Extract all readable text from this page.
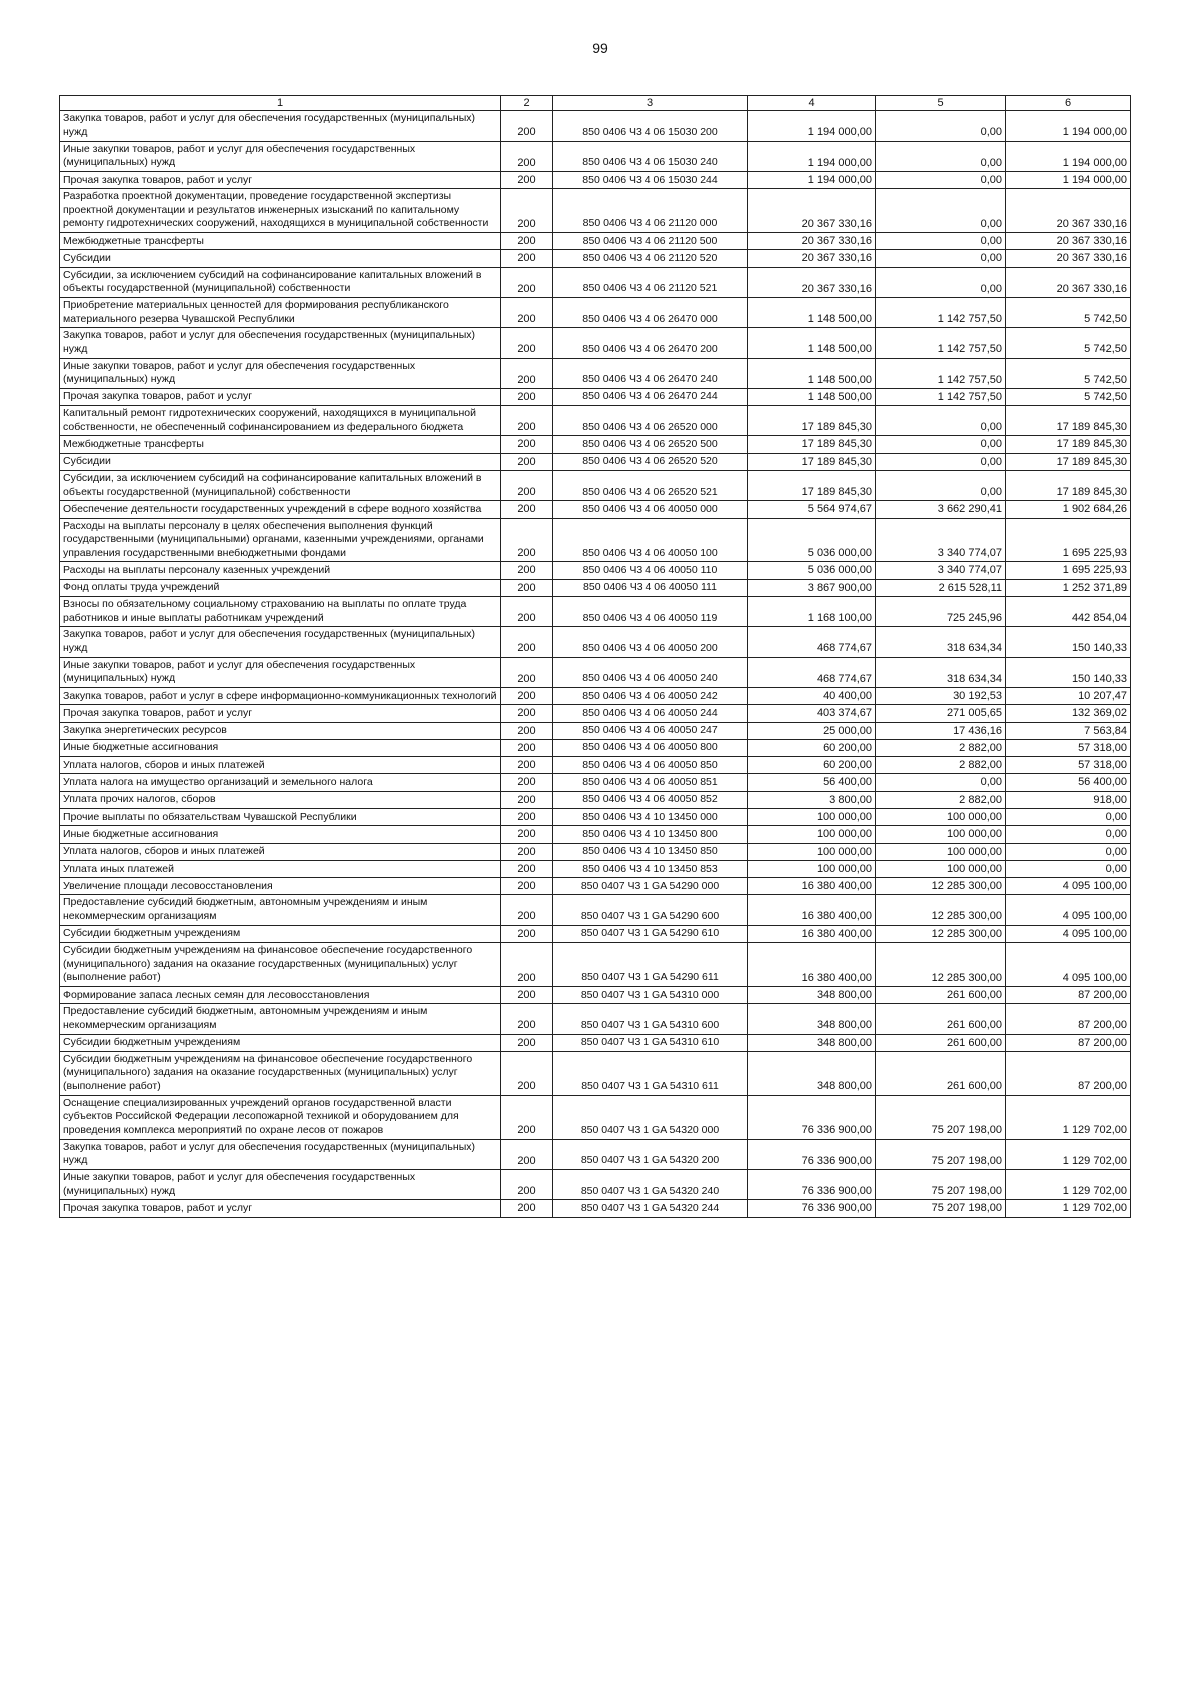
99
1	2	3	4	5	6
Закупка товаров, работ и услуг для обеспечения государственных (муниципальных) нужд	200	850 0406 Ч3 4 06 15030 200	1 194 000,00	0,00	1 194 000,00
Иные закупки товаров, работ и услуг для обеспечения государственных (муниципальных) нужд	200	850 0406 Ч3 4 06 15030 240	1 194 000,00	0,00	1 194 000,00
Прочая закупка товаров, работ и услуг	200	850 0406 Ч3 4 06 15030 244	1 194 000,00	0,00	1 194 000,00
Разработка проектной документации, проведение государственной экспертизы проектной документации и результатов инженерных изысканий по капитальному ремонту гидротехнических сооружений, находящихся в муниципальной собственности	200	850 0406 Ч3 4 06 21120 000	20 367 330,16	0,00	20 367 330,16
Межбюджетные трансферты	200	850 0406 Ч3 4 06 21120 500	20 367 330,16	0,00	20 367 330,16
Субсидии	200	850 0406 Ч3 4 06 21120 520	20 367 330,16	0,00	20 367 330,16
Субсидии, за исключением субсидий на софинансирование капитальных вложений в объекты государственной (муниципальной) собственности	200	850 0406 Ч3 4 06 21120 521	20 367 330,16	0,00	20 367 330,16
Приобретение материальных ценностей для формирования республиканского материального резерва Чувашской Республики	200	850 0406 Ч3 4 06 26470 000	1 148 500,00	1 142 757,50	5 742,50
Закупка товаров, работ и услуг для обеспечения государственных (муниципальных) нужд	200	850 0406 Ч3 4 06 26470 200	1 148 500,00	1 142 757,50	5 742,50
Иные закупки товаров, работ и услуг для обеспечения государственных (муниципальных) нужд	200	850 0406 Ч3 4 06 26470 240	1 148 500,00	1 142 757,50	5 742,50
Прочая закупка товаров, работ и услуг	200	850 0406 Ч3 4 06 26470 244	1 148 500,00	1 142 757,50	5 742,50
Капитальный ремонт гидротехнических сооружений, находящихся в муниципальной собственности, не обеспеченный софинансированием из федерального бюджета	200	850 0406 Ч3 4 06 26520 000	17 189 845,30	0,00	17 189 845,30
Межбюджетные трансферты	200	850 0406 Ч3 4 06 26520 500	17 189 845,30	0,00	17 189 845,30
Субсидии	200	850 0406 Ч3 4 06 26520 520	17 189 845,30	0,00	17 189 845,30
Субсидии, за исключением субсидий на софинансирование капитальных вложений в объекты государственной (муниципальной) собственности	200	850 0406 Ч3 4 06 26520 521	17 189 845,30	0,00	17 189 845,30
Обеспечение деятельности государственных учреждений в сфере водного хозяйства	200	850 0406 Ч3 4 06 40050 000	5 564 974,67	3 662 290,41	1 902 684,26
Расходы на выплаты персоналу в целях обеспечения выполнения функций государственными (муниципальными) органами, казенными учреждениями, органами управления государственными внебюджетными фондами	200	850 0406 Ч3 4 06 40050 100	5 036 000,00	3 340 774,07	1 695 225,93
Расходы на выплаты персоналу казенных учреждений	200	850 0406 Ч3 4 06 40050 110	5 036 000,00	3 340 774,07	1 695 225,93
Фонд оплаты труда учреждений	200	850 0406 Ч3 4 06 40050 111	3 867 900,00	2 615 528,11	1 252 371,89
Взносы по обязательному социальному страхованию на выплаты по оплате труда работников и иные выплаты работникам учреждений	200	850 0406 Ч3 4 06 40050 119	1 168 100,00	725 245,96	442 854,04
Закупка товаров, работ и услуг для обеспечения государственных (муниципальных) нужд	200	850 0406 Ч3 4 06 40050 200	468 774,67	318 634,34	150 140,33
Иные закупки товаров, работ и услуг для обеспечения государственных (муниципальных) нужд	200	850 0406 Ч3 4 06 40050 240	468 774,67	318 634,34	150 140,33
Закупка товаров, работ и услуг в сфере информационно-коммуникационных технологий	200	850 0406 Ч3 4 06 40050 242	40 400,00	30 192,53	10 207,47
Прочая закупка товаров, работ и услуг	200	850 0406 Ч3 4 06 40050 244	403 374,67	271 005,65	132 369,02
Закупка энергетических ресурсов	200	850 0406 Ч3 4 06 40050 247	25 000,00	17 436,16	7 563,84
Иные бюджетные ассигнования	200	850 0406 Ч3 4 06 40050 800	60 200,00	2 882,00	57 318,00
Уплата налогов, сборов и иных платежей	200	850 0406 Ч3 4 06 40050 850	60 200,00	2 882,00	57 318,00
Уплата налога на имущество организаций и земельного налога	200	850 0406 Ч3 4 06 40050 851	56 400,00	0,00	56 400,00
Уплата прочих налогов, сборов	200	850 0406 Ч3 4 06 40050 852	3 800,00	2 882,00	918,00
Прочие выплаты по обязательствам Чувашской Республики	200	850 0406 Ч3 4 10 13450 000	100 000,00	100 000,00	0,00
Иные бюджетные ассигнования	200	850 0406 Ч3 4 10 13450 800	100 000,00	100 000,00	0,00
Уплата налогов, сборов и иных платежей	200	850 0406 Ч3 4 10 13450 850	100 000,00	100 000,00	0,00
Уплата иных платежей	200	850 0406 Ч3 4 10 13450 853	100 000,00	100 000,00	0,00
Увеличение площади лесовосстановления	200	850 0407 Ч3 1 GA 54290 000	16 380 400,00	12 285 300,00	4 095 100,00
Предоставление субсидий бюджетным, автономным учреждениям и иным некоммерческим организациям	200	850 0407 Ч3 1 GA 54290 600	16 380 400,00	12 285 300,00	4 095 100,00
Субсидии бюджетным учреждениям	200	850 0407 Ч3 1 GA 54290 610	16 380 400,00	12 285 300,00	4 095 100,00
Субсидии бюджетным учреждениям на финансовое обеспечение государственного (муниципального) задания на оказание государственных (муниципальных) услуг (выполнение работ)	200	850 0407 Ч3 1 GA 54290 611	16 380 400,00	12 285 300,00	4 095 100,00
Формирование запаса лесных семян для лесовосстановления	200	850 0407 Ч3 1 GA 54310 000	348 800,00	261 600,00	87 200,00
Предоставление субсидий бюджетным, автономным учреждениям и иным некоммерческим организациям	200	850 0407 Ч3 1 GA 54310 600	348 800,00	261 600,00	87 200,00
Субсидии бюджетным учреждениям	200	850 0407 Ч3 1 GA 54310 610	348 800,00	261 600,00	87 200,00
Субсидии бюджетным учреждениям на финансовое обеспечение государственного (муниципального) задания на оказание государственных (муниципальных) услуг (выполнение работ)	200	850 0407 Ч3 1 GA 54310 611	348 800,00	261 600,00	87 200,00
Оснащение специализированных учреждений органов государственной власти субъектов Российской Федерации лесопожарной техникой и оборудованием для проведения комплекса мероприятий по охране лесов от пожаров	200	850 0407 Ч3 1 GA 54320 000	76 336 900,00	75 207 198,00	1 129 702,00
Закупка товаров, работ и услуг для обеспечения государственных (муниципальных) нужд	200	850 0407 Ч3 1 GA 54320 200	76 336 900,00	75 207 198,00	1 129 702,00
Иные закупки товаров, работ и услуг для обеспечения государственных (муниципальных) нужд	200	850 0407 Ч3 1 GA 54320 240	76 336 900,00	75 207 198,00	1 129 702,00
Прочая закупка товаров, работ и услуг	200	850 0407 Ч3 1 GA 54320 244	76 336 900,00	75 207 198,00	1 129 702,00
